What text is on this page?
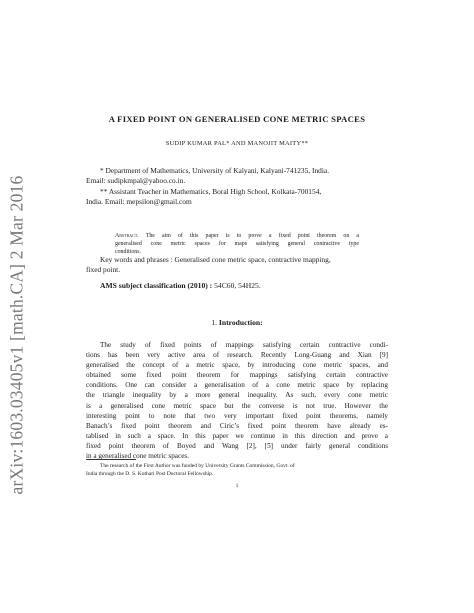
arXiv:1603.03405v1 [math.CA] 2 Mar 2016
A FIXED POINT ON GENERALISED CONE METRIC SPACES
SUDIP KUMAR PAL* AND MANOJIT MAITY**
* Department of Mathematics, University of Kalyani, Kalyani-741235, India.
Email: sudipkmpal@yahoo.co.in.
** Assistant Teacher in Mathematics, Boral High School, Kolkata-700154,
India. Email: mepsilon@gmail.com
Abstract. The aim of this paper is to prove a fixed point theorem on a
generalised cone metric spaces for maps satisfying general contractive type
conditions.
Key words and phrases : Generalised cone metric space, contractive mapping,
fixed point.
AMS subject classification (2010) : 54C60, 54H25.
1. Introduction:
The study of fixed points of mappings satisfying certain contractive condi-
tions has been very active area of research. Recently Long-Guang and Xian [9]
generalised the concept of a metric space, by introducing cone metric spaces, and
obtained some fixed point theorem for mappings satisfying certain contractive
conditions. One can consider a generalisation of a cone metric space by replacing
the triangle inequality by a more general inequality. As such, every cone metric
is a generalised cone metric space but the converse is not true. However the
interesting point to note that two very important fixed point theorems, namely
Banach’s fixed point theorem and Ciric’s fixed point theorem have already es-
tablised in such a space. In this paper we continue in this direction and prove a
fixed point theorem of Boyed and Wang [2], [5] under fairly general conditions
in a generalised cone metric spaces.
The research of the First Author was funded by University Grants Commission, Govt. of
India through the D. S. Kothari Post Doctoral Fellowship.
1
